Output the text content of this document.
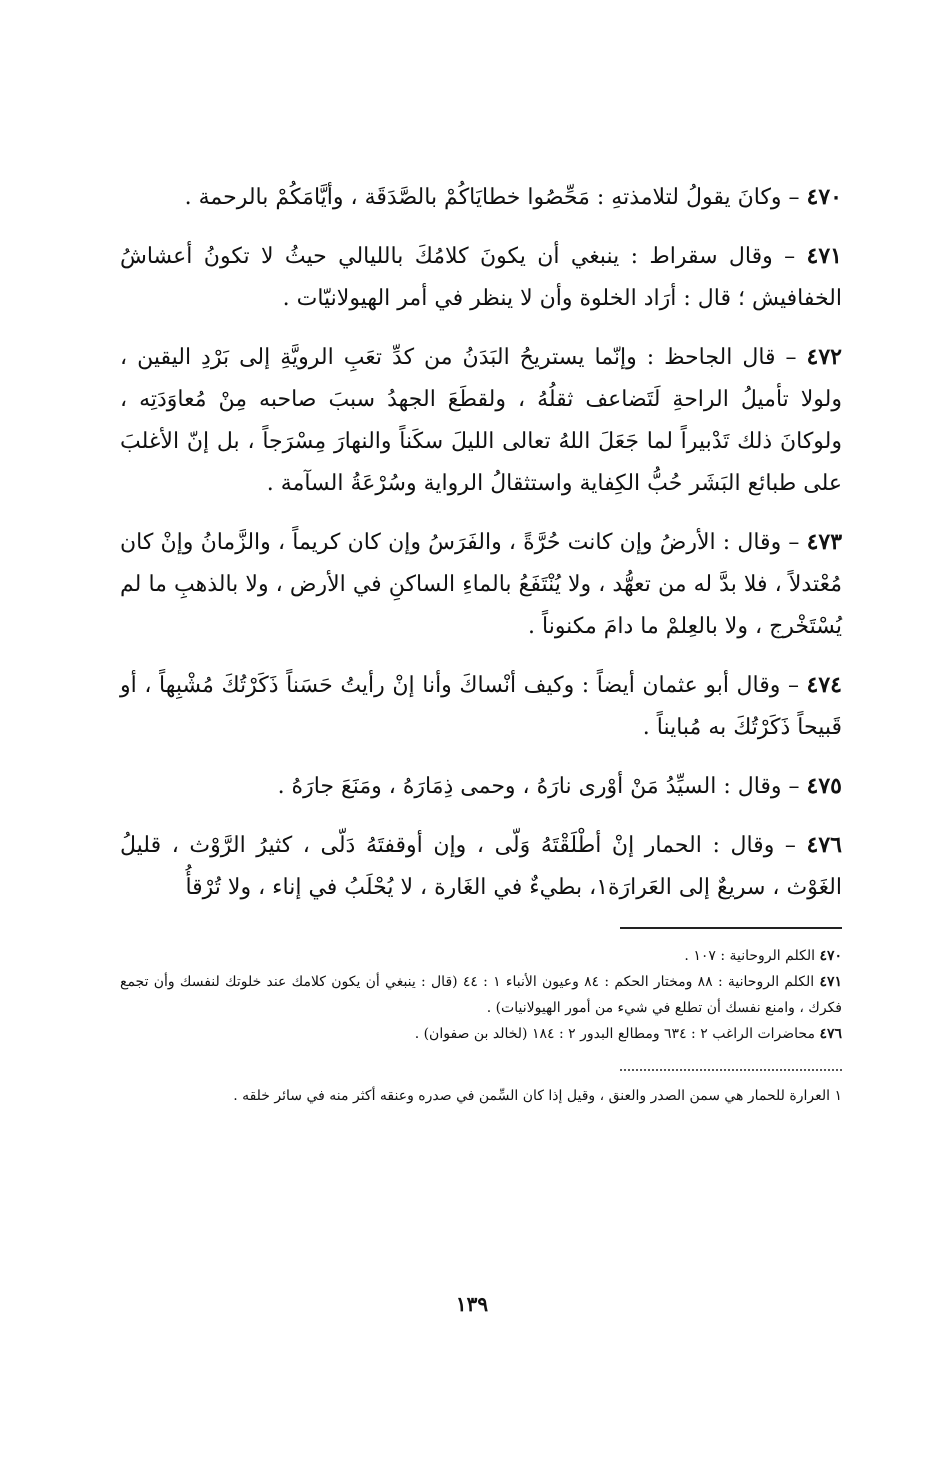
٤٧٠ – وكانَ يقولُ لتلامذتهِ : مَحِّصُوا خطايَاكُمْ بالصَّدَقَة ، وأيَّامَكُمْ بالرحمة .

٤٧١ – وقال سقراط : ينبغي أن يكونَ كلامُكَ بالليالي حيثُ لا تكونُ أعشاشُ الخفافيش ؛ قال : أرَاد الخلوة وأن لا ينظر في أمر الهيولانيّات .

٤٧٢ – قال الجاحظ : وإنّما يستريحُ البَدَنُ من كدِّ تعَبِ الرويَّةِ إلى بَرْدِ اليقين ، ولولا تأميلُ الراحةِ لَتَضاعف ثقلُهُ ، ولقطَعَ الجهدُ سببَ صاحبه مِنْ مُعاوَدَتِه ، ولوكانَ ذلك تَدْبيراً لما جَعَلَ اللهُ تعالى الليلَ سكَناً والنهارَ مِسْرَجاً ، بل إنّ الأغلبَ على طبائع البَشَر حُبُّ الكِفاية واستثقالُ الرواية وسُرْعَةُ السآمة .

٤٧٣ – وقال : الأرضُ وإن كانت حُرَّةً ، والفَرَسُ وإن كان كريماً ، والزَّمانُ وإنْ كان مُعْتدلاً ، فلا بدَّ له من تعهُّد ، ولا يُنْتَفَعُ بالماءِ الساكنِ في الأرض ، ولا بالذهبِ ما لم يُسْتَخْرج ، ولا بالعِلمْ ما دامَ مكنوناً .

٤٧٤ – وقال أبو عثمان أيضاً : وكيف أنْساكَ وأنا إنْ رأيتُ حَسَناً ذَكَرْتُكَ مُشْبِهاً ، أو قَبيحاً ذَكَرْتُكَ به مُبايناً .

٤٧٥ – وقال : السيِّدُ مَنْ أوْرى نارَهُ ، وحمى ذِمَارَهُ ، ومَنَعَ جارَهُ .

٤٧٦ – وقال : الحمار إنْ أطْلَقْتَهُ وَلّى ، وإن أوقفتَهُ دَلّى ، كثيرُ الرَّوْث ، قليلُ الغَوْث ، سريعٌ إلى العَرارَة١، بطيءٌ في الغَارة ، لا يُحْلَبُ في إناء ، ولا تُرْقأُ

٤٧٠ الكلم الروحانية : ١٠٧ .

٤٧١ الكلم الروحانية : ٨٨ ومختار الحكم : ٨٤ وعيون الأنباء ١ : ٤٤ (قال : ينبغي أن يكون كلامك عند خلوتك لنفسك وأن تجمع فكرك ، وامنع نفسك أن تطلع في شيء من أمور الهيولانيات) .

٤٧٦ محاضرات الراغب ٢ : ٦٣٤ ومطالع البدور ٢ : ١٨٤ (لخالد بن صفوان) .

١ العرارة للحمار هي سمن الصدر والعنق ، وقيل إذا كان السِّمن في صدره وعنقه أكثر منه في سائر خلقه .

١٣٩
